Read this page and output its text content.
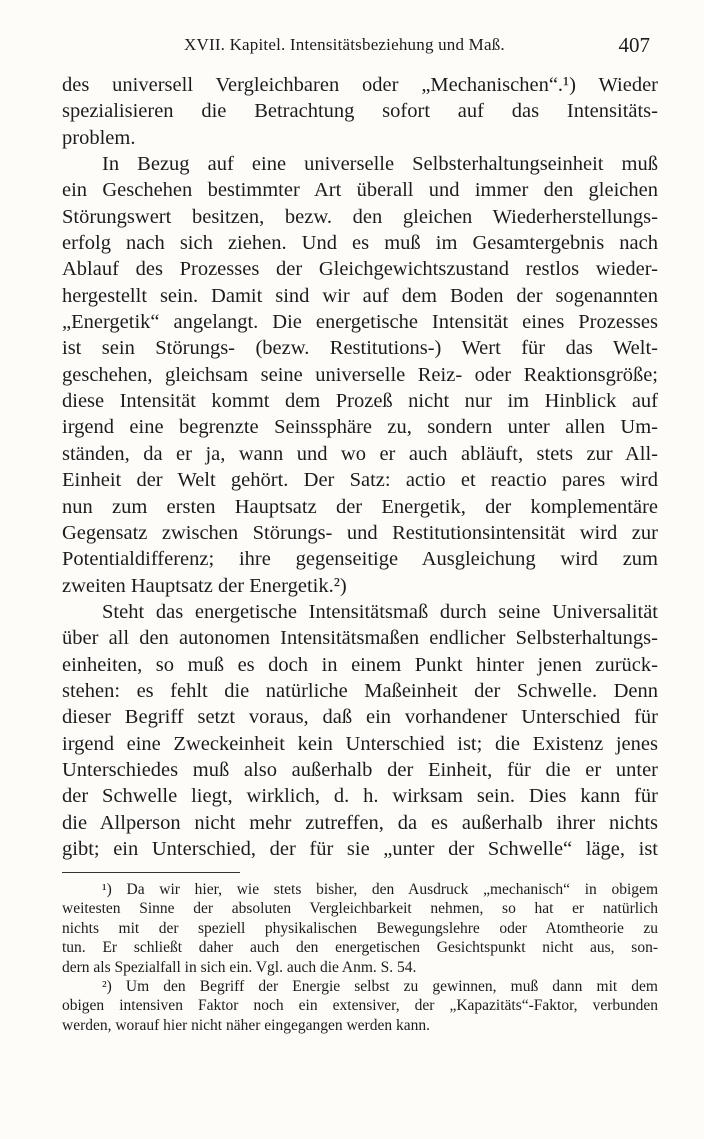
XVII. Kapitel. Intensitätsbeziehung und Maß.	407
des universell Vergleichbaren oder „Mechanischen“.¹) Wieder
spezialisieren die Betrachtung sofort auf das Intensitäts-
problem.
In Bezug auf eine universelle Selbsterhaltungseinheit muß
ein Geschehen bestimmter Art überall und immer den gleichen
Störungswert besitzen, bezw. den gleichen Wiederherstellungs-
erfolg nach sich ziehen. Und es muß im Gesamtergebnis nach
Ablauf des Prozesses der Gleichgewichtszustand restlos wieder-
hergestellt sein. Damit sind wir auf dem Boden der sogenannten
„Energetik“ angelangt. Die energetische Intensität eines Prozesses
ist sein Störungs- (bezw. Restitutions-) Wert für das Welt-
geschehen, gleichsam seine universelle Reiz- oder Reaktionsgröße;
diese Intensität kommt dem Prozeß nicht nur im Hinblick auf
irgend eine begrenzte Seinssphäre zu, sondern unter allen Um-
ständen, da er ja, wann und wo er auch abläuft, stets zur All-
Einheit der Welt gehört. Der Satz: actio et reactio pares wird
nun zum ersten Hauptsatz der Energetik, der komplementäre
Gegensatz zwischen Störungs- und Restitutionsintensität wird zur
Potentialdifferenz; ihre gegenseitige Ausgleichung wird zum
zweiten Hauptsatz der Energetik.²)
Steht das energetische Intensitätsmaß durch seine Universalität
über all den autonomen Intensitätsmaßen endlicher Selbsterhaltungs-
einheiten, so muß es doch in einem Punkt hinter jenen zurück-
stehen: es fehlt die natürliche Maßeinheit der Schwelle. Denn
dieser Begriff setzt voraus, daß ein vorhandener Unterschied für
irgend eine Zweckeinheit kein Unterschied ist; die Existenz jenes
Unterschiedes muß also außerhalb der Einheit, für die er unter
der Schwelle liegt, wirklich, d. h. wirksam sein. Dies kann für
die Allperson nicht mehr zutreffen, da es außerhalb ihrer nichts
gibt; ein Unterschied, der für sie „unter der Schwelle“ läge, ist
¹) Da wir hier, wie stets bisher, den Ausdruck „mechanisch“ in obigem
weitesten Sinne der absoluten Vergleichbarkeit nehmen, so hat er natürlich
nichts mit der speziell physikalischen Bewegungslehre oder Atomtheorie zu
tun. Er schließt daher auch den energetischen Gesichtspunkt nicht aus, son-
dern als Spezialfall in sich ein. Vgl. auch die Anm. S. 54.
²) Um den Begriff der Energie selbst zu gewinnen, muß dann mit dem
obigen intensiven Faktor noch ein extensiver, der „Kapazitäts“-Faktor, verbunden
werden, worauf hier nicht näher eingegangen werden kann.
